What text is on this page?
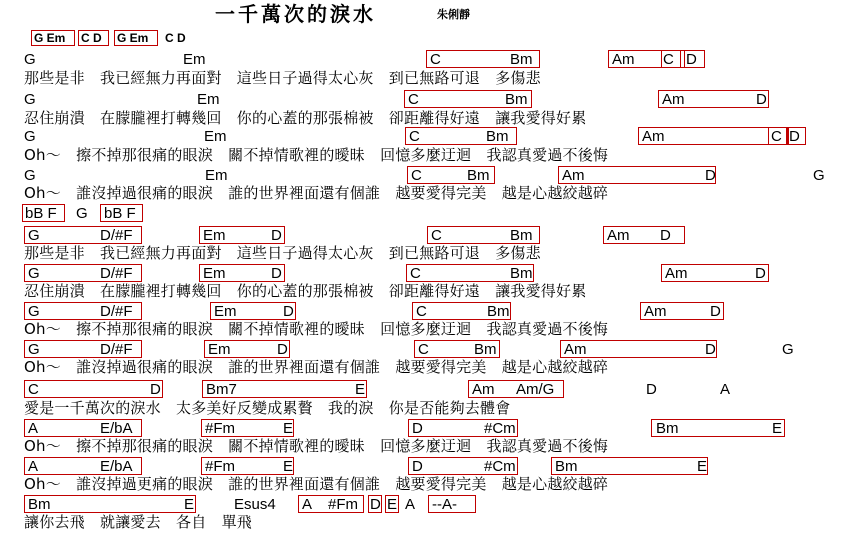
一千萬次的淚水	朱俐靜
G Em C D G Em C D
G	Em	C	Bm	Am C D
那些是非　我已經無力再面對　這些日子過得太心灰　到已無路可退　多傷悲
G	Em	C	Bm	Am	D
忍住崩潰　在朦朧裡打轉幾回　你的心蓋的那張棉被　卻距離得好遠　讓我愛得好累
G	Em	C	Bm	Am	C D
Oh～　擦不掉那很痛的眼淚　關不掉情歌裡的曖昧　回憶多麼迂迴　我認真愛過不後悔
G	Em	C	Bm	Am	D	G
Oh～　誰沒掉過很痛的眼淚　誰的世界裡面還有個誰　越要愛得完美　越是心越絞越碎
bB F G bB F
G	D/#F	Em	D	C	Bm	Am D
那些是非　我已經無力再面對　這些日子過得太心灰　到已無路可退　多傷悲
G	D/#F	Em	D	C	Bm	Am	D
忍住崩潰　在朦朧裡打轉幾回　你的心蓋的那張棉被　卻距離得好遠　讓我愛得好累
G	D/#F	Em	D	C	Bm	Am	D
Oh～　擦不掉那很痛的眼淚　關不掉情歌裡的曖昧　回憶多麼迂迴　我認真愛過不後悔
G	D/#F	Em	D	C	Bm	Am	D	G
Oh～　誰沒掉過很痛的眼淚　誰的世界裡面還有個誰　越要愛得完美　越是心越絞越碎
C	D	Bm7	E	Am Am/G	D	A
愛是一千萬次的淚水　太多美好反變成累贅　我的淚　你是否能夠去體會
A	E/bA	#Fm	E	D	#Cm	Bm	E
Oh～　擦不掉那很痛的眼淚　關不掉情歌裡的曖昧　回憶多麼迂迴　我認真愛過不後悔
A	E/bA	#Fm	E	D	#Cm	Bm	E
Oh～　誰沒掉過更痛的眼淚　誰的世界裡面還有個誰　越要愛得完美　越是心越絞越碎
Bm	E	Esus4 A #Fm D E A --A-
讓你去飛　就讓愛去　各自　單飛
